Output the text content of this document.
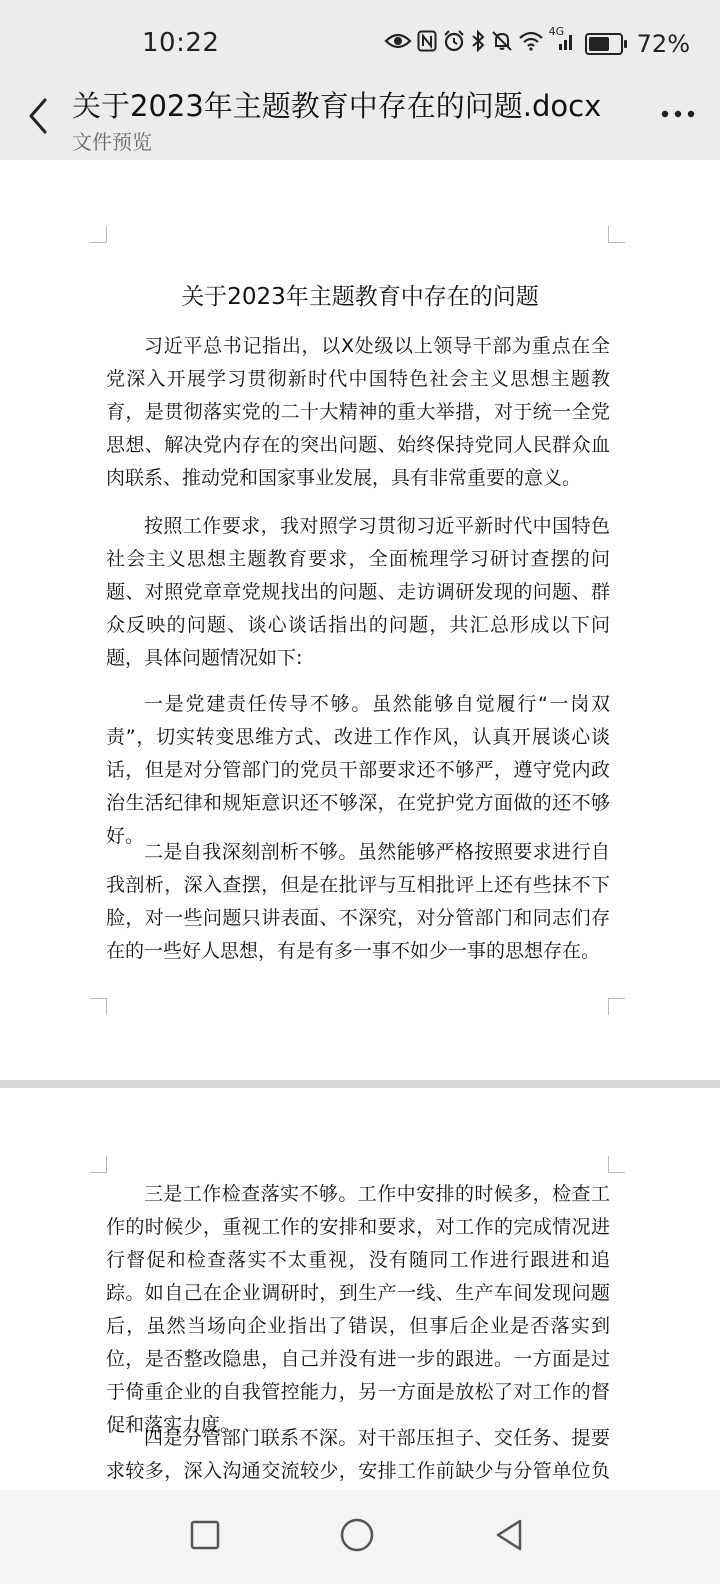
10:22	4G	72%
关于2023年主题教育中存在的问题.docx
文件预览
关于2023年主题教育中存在的问题

习近平总书记指出，以X处级以上领导干部为重点在全党深入开展学习贯彻新时代中国特色社会主义思想主题教育，是贯彻落实党的二十大精神的重大举措，对于统一全党思想、解决党内存在的突出问题、始终保持党同人民群众血肉联系、推动党和国家事业发展，具有非常重要的意义。

按照工作要求，我对照学习贯彻习近平新时代中国特色社会主义思想主题教育要求，全面梳理学习研讨查摆的问题、对照党章章党规找出的问题、走访调研发现的问题、群众反映的问题、谈心谈话指出的问题，共汇总形成以下问题，具体问题情况如下:

一是党建责任传导不够。虽然能够自觉履行“一岗双责”，切实转变思维方式、改进工作作风，认真开展谈心谈话，但是对分管部门的党员干部要求还不够严，遵守党内政治生活纪律和规矩意识还不够深，在党护党方面做的还不够好。

二是自我深刻剖析不够。虽然能够严格按照要求进行自我剖析，深入查摆，但是在批评与互相批评上还有些抹不下脸，对一些问题只讲表面、不深究，对分管部门和同志们存在的一些好人思想，有是有多一事不如少一事的思想存在。

三是工作检查落实不够。工作中安排的时候多，检查工作的时候少，重视工作的安排和要求，对工作的完成情况进行督促和检查落实不太重视，没有随同工作进行跟进和追踪。如自己在企业调研时，到生产一线、生产车间发现问题后，虽然当场向企业指出了错误，但事后企业是否落实到位，是否整改隐患，自己并没有进一步的跟进。一方面是过于倚重企业的自我管控能力，另一方面是放松了对工作的督促和落实力度。

四是分管部门联系不深。对干部压担子、交任务、提要求较多，深入沟通交流较少，安排工作前缺少与分管单位负
